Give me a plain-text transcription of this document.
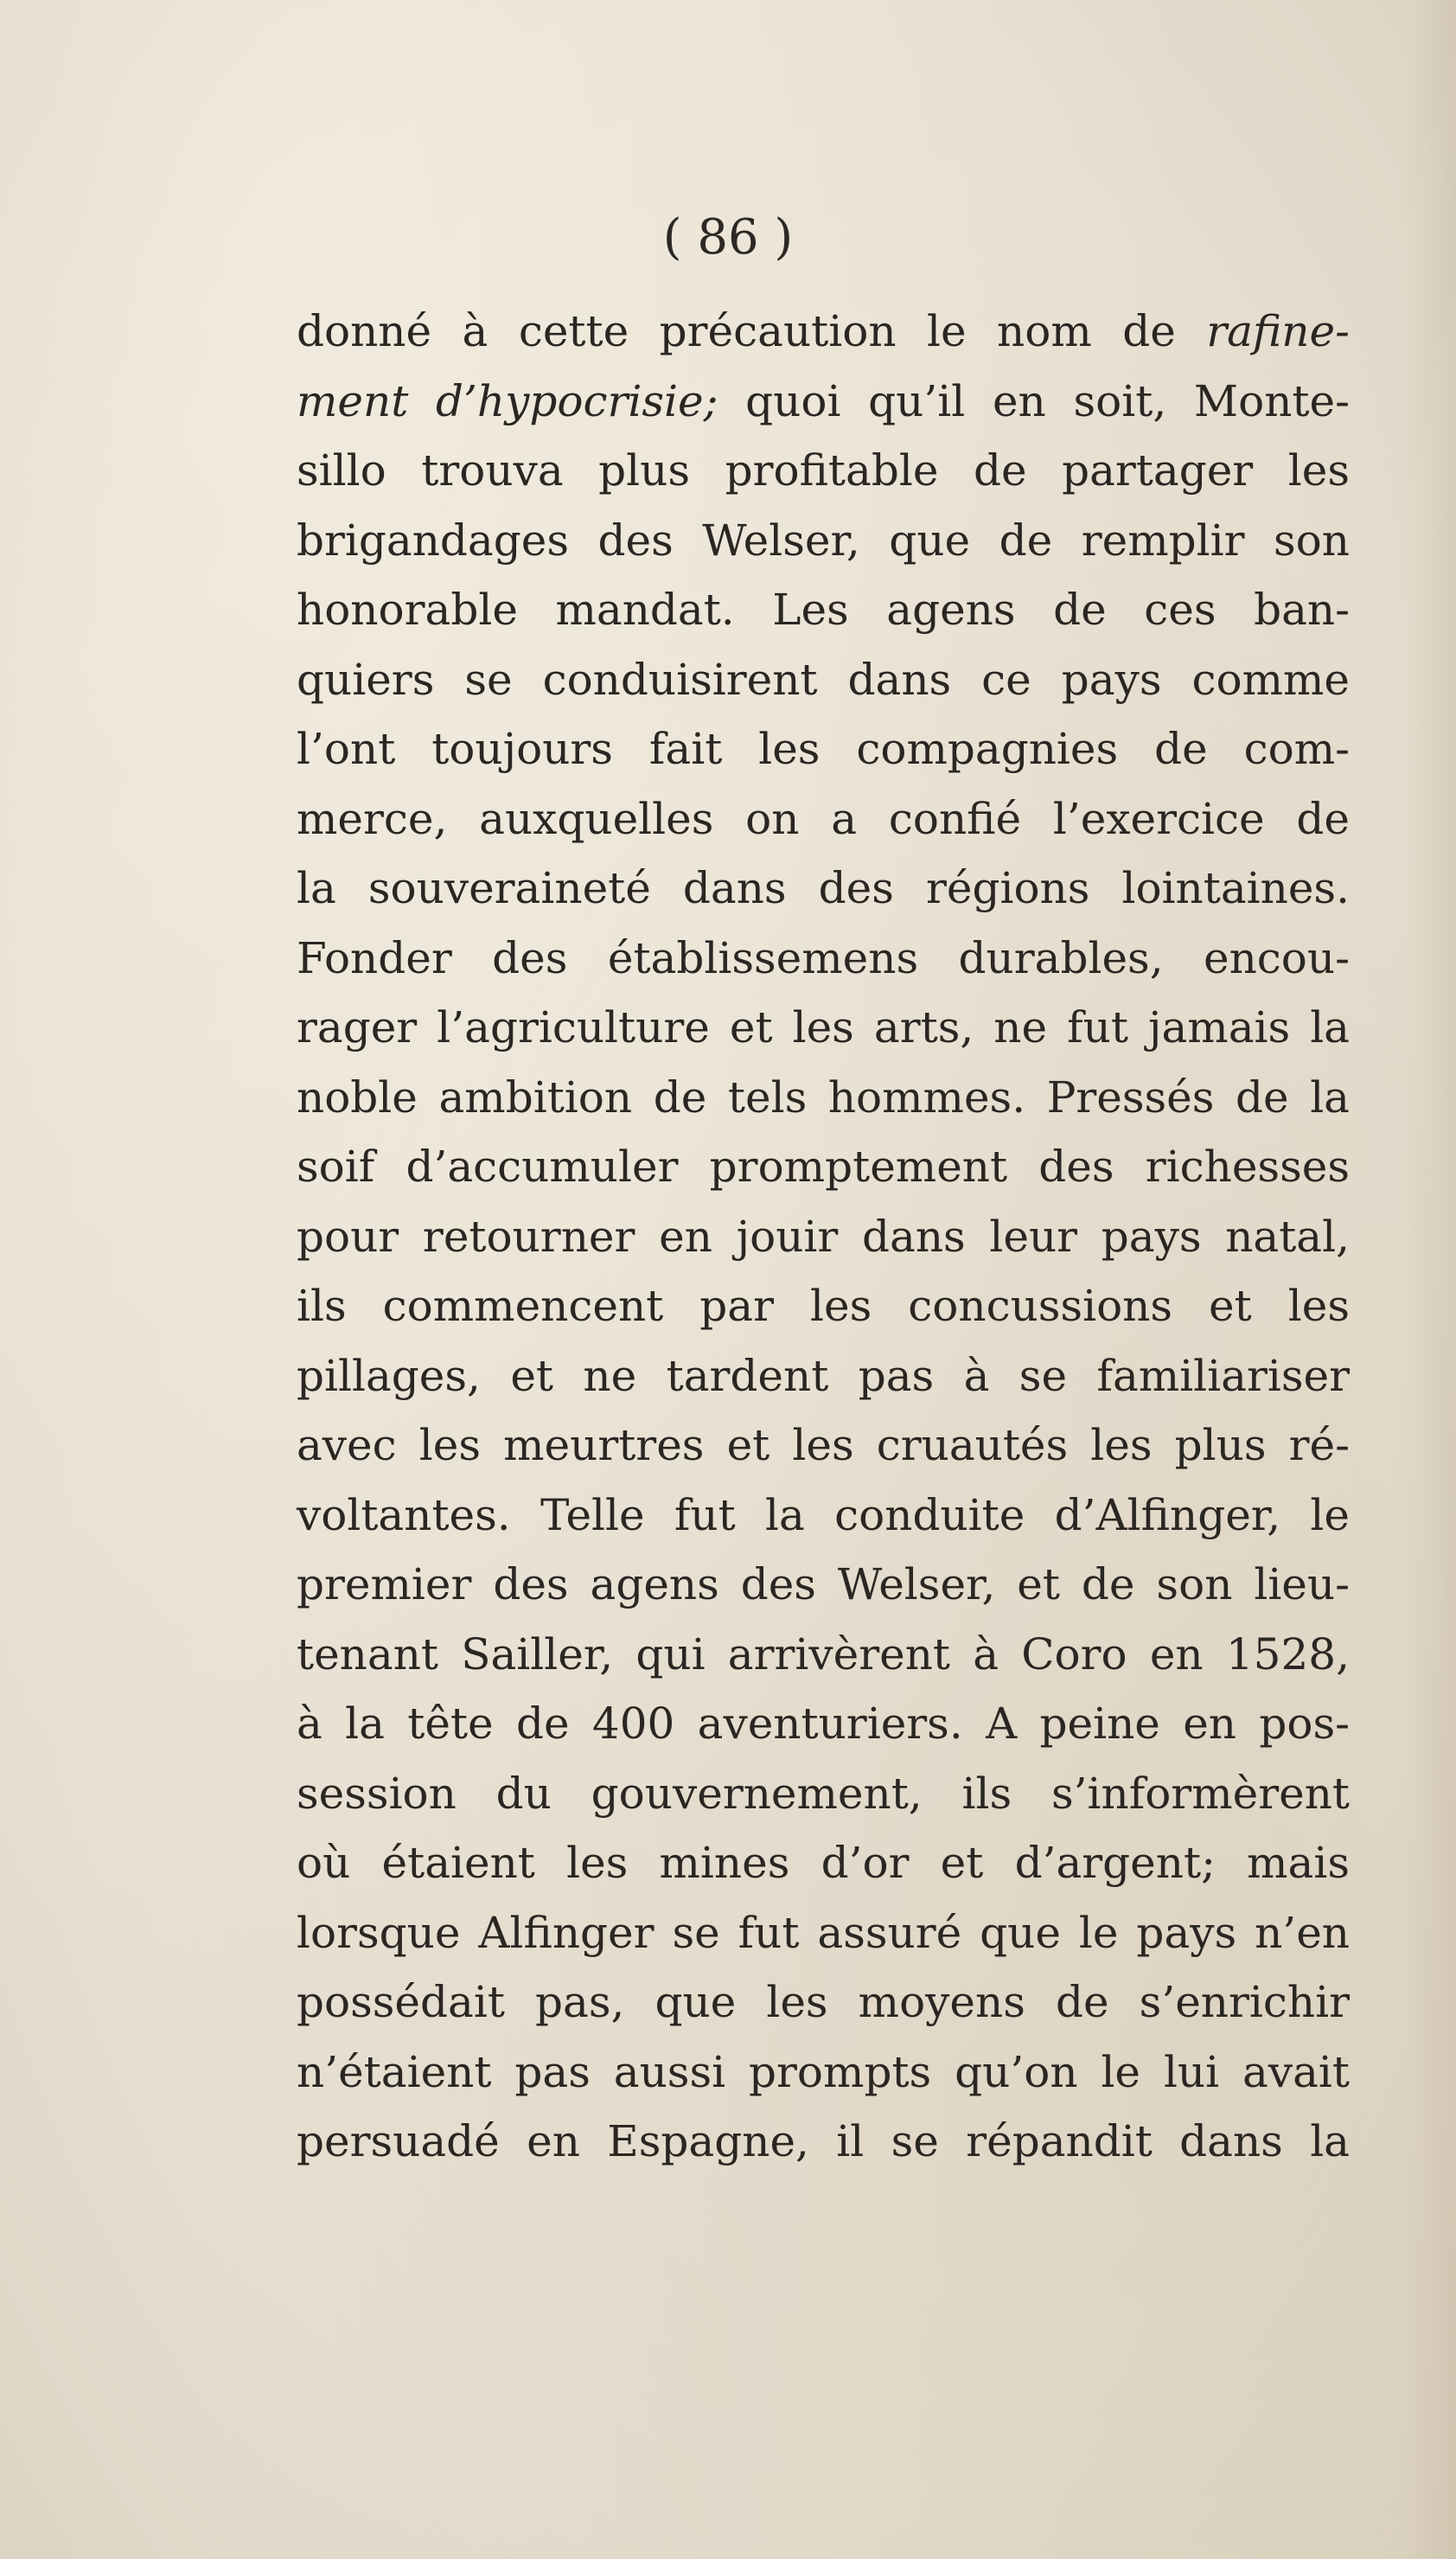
( 86 )
donné à cette précaution le nom de rafine-
ment d’hypocrisie; quoi qu’il en soit, Monte-
sillo trouva plus profitable de partager les
brigandages des Welser, que de remplir son
honorable mandat. Les agens de ces ban-
quiers se conduisirent dans ce pays comme
l’ont toujours fait les compagnies de com-
merce, auxquelles on a confié l’exercice de
la souveraineté dans des régions lointaines.
Fonder des établissemens durables, encou-
rager l’agriculture et les arts, ne fut jamais la
noble ambition de tels hommes. Pressés de la
soif d’accumuler promptement des richesses
pour retourner en jouir dans leur pays natal,
ils commencent par les concussions et les
pillages, et ne tardent pas à se familiariser
avec les meurtres et les cruautés les plus ré-
voltantes. Telle fut la conduite d’Alfinger, le
premier des agens des Welser, et de son lieu-
tenant Sailler, qui arrivèrent à Coro en 1528,
à la tête de 400 aventuriers. A peine en pos-
session du gouvernement, ils s’informèrent
où étaient les mines d’or et d’argent; mais
lorsque Alfinger se fut assuré que le pays n’en
possédait pas, que les moyens de s’enrichir
n’étaient pas aussi prompts qu’on le lui avait
persuadé en Espagne, il se répandit dans la
